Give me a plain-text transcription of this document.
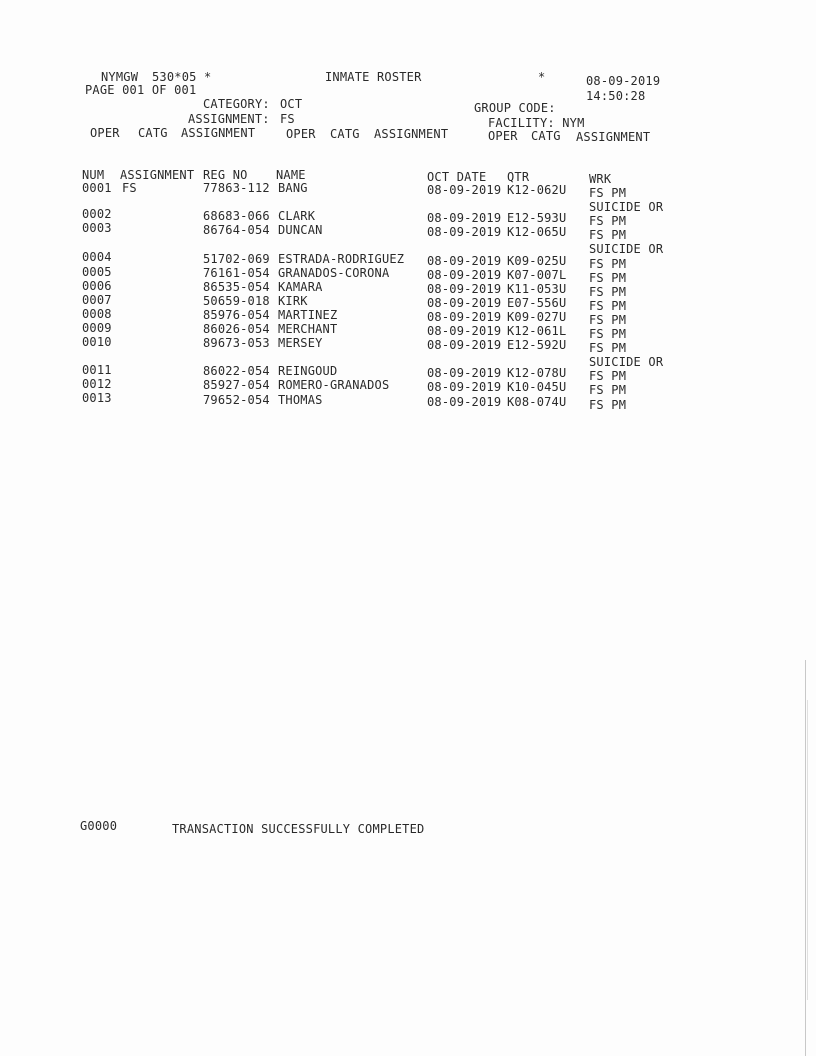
NYMGW 530*05 *	INMATE ROSTER	*	08-09-2019
PAGE 001 OF 001	14:50:28
CATEGORY: OCT	GROUP CODE:
ASSIGNMENT: FS	FACILITY: NYM
OPER CATG ASSIGNMENT	OPER CATG ASSIGNMENT	OPER CATG ASSIGNMENT
NUM ASSIGNMENT REG NO NAME	OCT DATE QTR	WRK
0001 FS	77863-112 BANG	08-09-2019 K12-062U FS PM
SUICIDE OR
0002	68683-066 CLARK	08-09-2019 E12-593U FS PM
0003	86764-054 DUNCAN	08-09-2019 K12-065U FS PM
SUICIDE OR
0004	51702-069 ESTRADA-RODRIGUEZ 08-09-2019 K09-025U FS PM
0005	76161-054 GRANADOS-CORONA	08-09-2019 K07-007L FS PM
0006	86535-054 KAMARA	08-09-2019 K11-053U FS PM
0007	50659-018 KIRK	08-09-2019 E07-556U FS PM
0008	85976-054 MARTINEZ	08-09-2019 K09-027U FS PM
0009	86026-054 MERCHANT	08-09-2019 K12-061L FS PM
0010	89673-053 MERSEY	08-09-2019 E12-592U FS PM
SUICIDE OR
0011	86022-054 REINGOUD	08-09-2019 K12-078U FS PM
0012	85927-054 ROMERO-GRANADOS	08-09-2019 K10-045U FS PM
0013	79652-054 THOMAS	08-09-2019 K08-074U FS PM
G0000	TRANSACTION SUCCESSFULLY COMPLETED
